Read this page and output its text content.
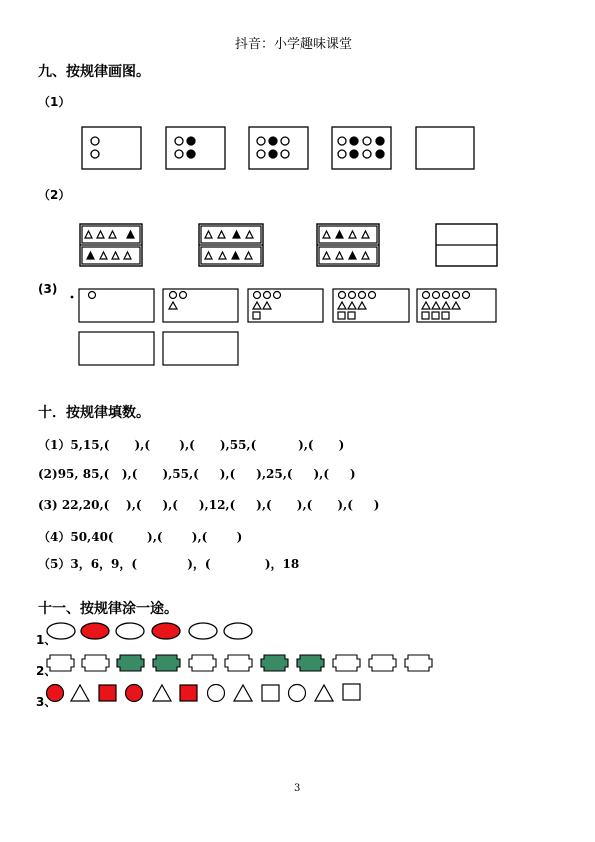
抖音：小学趣味课堂
九、按规律画图。
（1）
（2）
(3)
十．按规律填数。
（1）5,15,(      ),(       ),(      ),55,(          ),(      )
(2)95, 85,(   ),(      ),55,(     ),(     ),25,(     ),(     )
(3) 22,20,(    ),(     ),(     ),12,(     ),(      ),(      ),(     )
（4）50,40(        ),(       ),(       )
（5）3，6，9，(            )，(             )，18
十一、按规律涂一途。
1、
2、
3、
3
